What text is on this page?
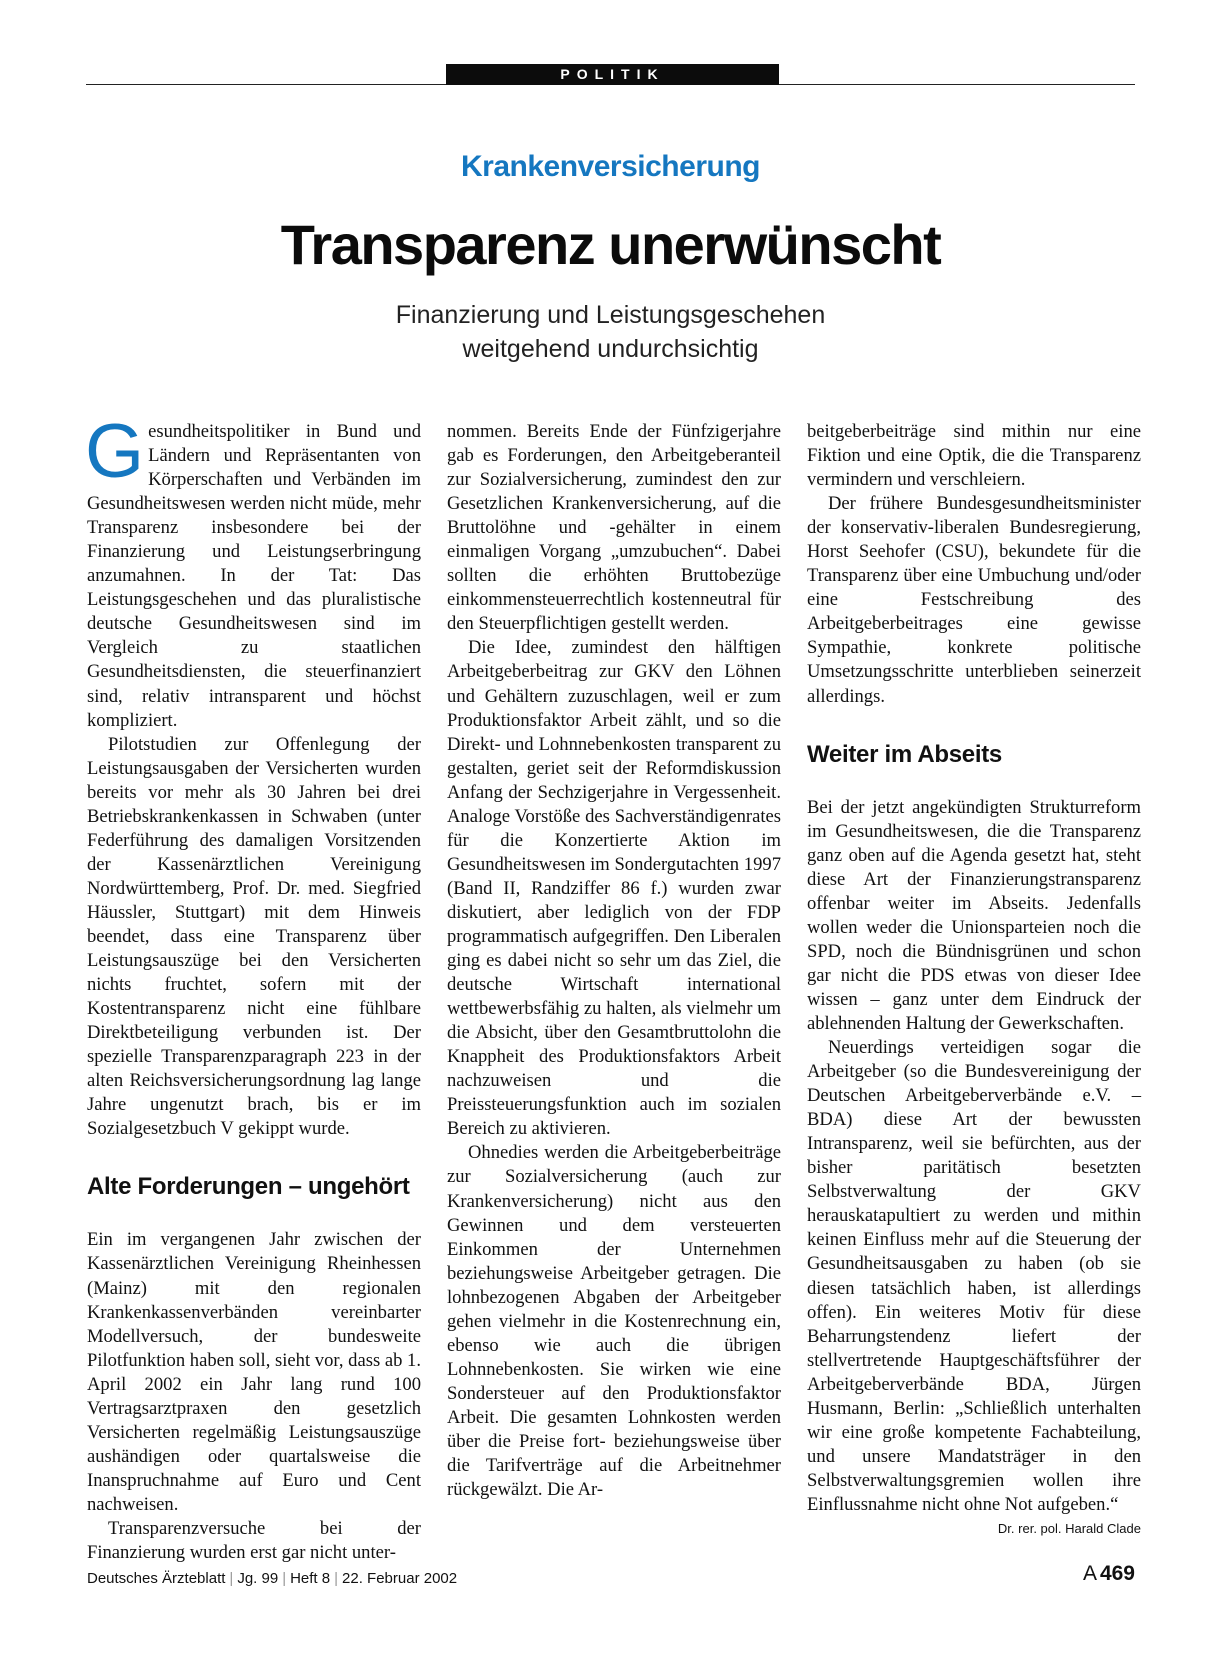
POLITIK
Krankenversicherung
Transparenz unerwünscht
Finanzierung und Leistungsgeschehen
weitgehend undurchsichtig

Gesundheitspolitiker in Bund und Ländern und Repräsentanten von Körperschaften und Verbänden im Gesundheitswesen werden nicht müde, mehr Transparenz insbesondere bei der Finanzierung und Leistungserbringung anzumahnen. In der Tat: Das Leistungsgeschehen und das pluralistische deutsche Gesundheitswesen sind im Vergleich zu staatlichen Gesundheitsdiensten, die steuerfinanziert sind, relativ intransparent und höchst kompliziert.

Pilotstudien zur Offenlegung der Leistungsausgaben der Versicherten wurden bereits vor mehr als 30 Jahren bei drei Betriebskrankenkassen in Schwaben (unter Federführung des damaligen Vorsitzenden der Kassenärztlichen Vereinigung Nordwürttemberg, Prof. Dr. med. Siegfried Häussler, Stuttgart) mit dem Hinweis beendet, dass eine Transparenz über Leistungsauszüge bei den Versicherten nichts fruchtet, sofern mit der Kostentransparenz nicht eine fühlbare Direktbeteiligung verbunden ist. Der spezielle Transparenzparagraph 223 in der alten Reichsversicherungsordnung lag lange Jahre ungenutzt brach, bis er im Sozialgesetzbuch V gekippt wurde.

Alte Forderungen – ungehört

Ein im vergangenen Jahr zwischen der Kassenärztlichen Vereinigung Rheinhessen (Mainz) mit den regionalen Krankenkassenverbänden vereinbarter Modellversuch, der bundesweite Pilotfunktion haben soll, sieht vor, dass ab 1. April 2002 ein Jahr lang rund 100 Vertragsarztpraxen den gesetzlich Versicherten regelmäßig Leistungsauszüge aushändigen oder quartalsweise die Inanspruchnahme auf Euro und Cent nachweisen.

Transparenzversuche bei der Finanzierung wurden erst gar nicht unter-

nommen. Bereits Ende der Fünfzigerjahre gab es Forderungen, den Arbeitgeberanteil zur Sozialversicherung, zumindest den zur Gesetzlichen Krankenversicherung, auf die Bruttolöhne und -gehälter in einem einmaligen Vorgang „umzubuchen“. Dabei sollten die erhöhten Bruttobezüge einkommensteuerrechtlich kostenneutral für den Steuerpflichtigen gestellt werden.

Die Idee, zumindest den hälftigen Arbeitgeberbeitrag zur GKV den Löhnen und Gehältern zuzuschlagen, weil er zum Produktionsfaktor Arbeit zählt, und so die Direkt- und Lohnnebenkosten transparent zu gestalten, geriet seit der Reformdiskussion Anfang der Sechzigerjahre in Vergessenheit. Analoge Vorstöße des Sachverständigenrates für die Konzertierte Aktion im Gesundheitswesen im Sondergutachten 1997 (Band II, Randziffer 86 f.) wurden zwar diskutiert, aber lediglich von der FDP programmatisch aufgegriffen. Den Liberalen ging es dabei nicht so sehr um das Ziel, die deutsche Wirtschaft international wettbewerbsfähig zu halten, als vielmehr um die Absicht, über den Gesamtbruttolohn die Knappheit des Produktionsfaktors Arbeit nachzuweisen und die Preissteuerungsfunktion auch im sozialen Bereich zu aktivieren.

Ohnedies werden die Arbeitgeberbeiträge zur Sozialversicherung (auch zur Krankenversicherung) nicht aus den Gewinnen und dem versteuerten Einkommen der Unternehmen beziehungsweise Arbeitgeber getragen. Die lohnbezogenen Abgaben der Arbeitgeber gehen vielmehr in die Kostenrechnung ein, ebenso wie auch die übrigen Lohnnebenkosten. Sie wirken wie eine Sondersteuer auf den Produktionsfaktor Arbeit. Die gesamten Lohnkosten werden über die Preise fort- beziehungsweise über die Tarifverträge auf die Arbeitnehmer rückgewälzt. Die Ar-

beitgeberbeiträge sind mithin nur eine Fiktion und eine Optik, die die Transparenz vermindern und verschleiern.

Der frühere Bundesgesundheitsminister der konservativ-liberalen Bundesregierung, Horst Seehofer (CSU), bekundete für die Transparenz über eine Umbuchung und/oder eine Festschreibung des Arbeitgeberbeitrages eine gewisse Sympathie, konkrete politische Umsetzungsschritte unterblieben seinerzeit allerdings.

Weiter im Abseits

Bei der jetzt angekündigten Strukturreform im Gesundheitswesen, die die Transparenz ganz oben auf die Agenda gesetzt hat, steht diese Art der Finanzierungstransparenz offenbar weiter im Abseits. Jedenfalls wollen weder die Unionsparteien noch die SPD, noch die Bündnisgrünen und schon gar nicht die PDS etwas von dieser Idee wissen – ganz unter dem Eindruck der ablehnenden Haltung der Gewerkschaften.

Neuerdings verteidigen sogar die Arbeitgeber (so die Bundesvereinigung der Deutschen Arbeitgeberverbände e.V. – BDA) diese Art der bewussten Intransparenz, weil sie befürchten, aus der bisher paritätisch besetzten Selbstverwaltung der GKV herauskatapultiert zu werden und mithin keinen Einfluss mehr auf die Steuerung der Gesundheitsausgaben zu haben (ob sie diesen tatsächlich haben, ist allerdings offen). Ein weiteres Motiv für diese Beharrungstendenz liefert der stellvertretende Hauptgeschäftsführer der Arbeitgeberverbände BDA, Jürgen Husmann, Berlin: „Schließlich unterhalten wir eine große kompetente Fachabteilung, und unsere Mandatsträger in den Selbstverwaltungsgremien wollen ihre Einflussnahme nicht ohne Not aufgeben.“
Dr. rer. pol. Harald Clade

Deutsches Ärzteblatt | Jg. 99 | Heft 8 | 22. Februar 2002	A 469
